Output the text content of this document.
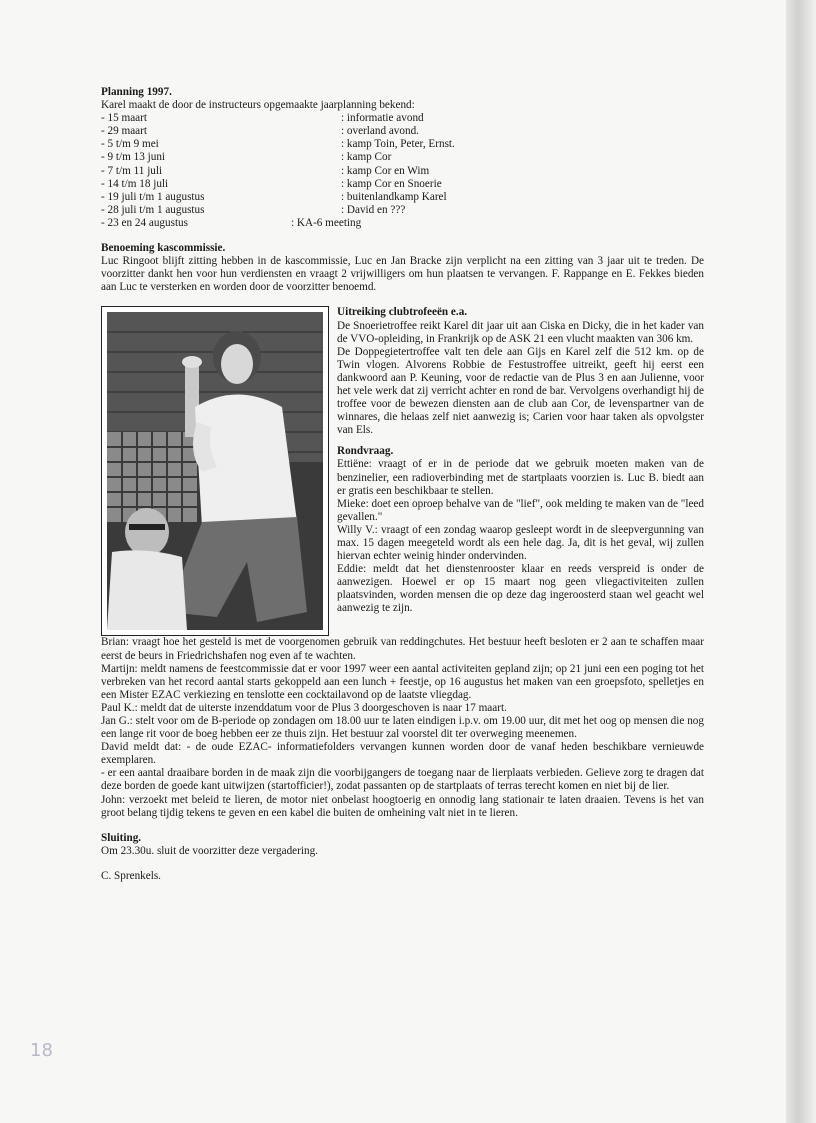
Planning 1997.

Karel maakt de door de instructeurs opgemaakte jaarplanning bekend:

- 15 maart	: informatie avond
- 29 maart	: overland avond.
- 5 t/m 9 mei	: kamp Toin, Peter, Ernst.
- 9 t/m 13 juni	: kamp Cor
- 7 t/m 11 juli	: kamp Cor en Wim
- 14 t/m 18 juli	: kamp Cor en Snoerie
- 19 juli t/m 1 augustus	: buitenlandkamp Karel
- 28 juli t/m 1 augustus	: David en ???
- 23 en 24 augustus	: KA-6 meeting
Benoeming kascommissie.

Luc Ringoot blijft zitting hebben in de kascommissie, Luc en Jan Bracke zijn verplicht na een zitting van 3 jaar uit te treden. De voorzitter dankt hen voor hun verdiensten en vraagt 2 vrijwilligers om hun plaatsen te vervangen. F. Rappange en E. Fekkes bieden aan Luc te versterken en worden door de voorzitter benoemd.

Uitreiking clubtrofeeën e.a.

De Snoerietroffee reikt Karel dit jaar uit aan Ciska en Dicky, die in het kader van de VVO-opleiding, in Frankrijk op de ASK 21 een vlucht maakten van 306 km.

De Doppegietertroffee valt ten dele aan Gijs en Karel zelf die 512 km. op de Twin vlogen. Alvorens Robbie de Festustroffee uitreikt, geeft hij eerst een dankwoord aan P. Keuning, voor de redactie van de Plus 3 en aan Julienne, voor het vele werk dat zij verricht achter en rond de bar. Vervolgens overhandigt hij de troffee voor de bewezen diensten aan de club aan Cor, de levenspartner van de winnares, die helaas zelf niet aanwezig is; Carien voor haar taken als opvolgster van Els.

Rondvraag.

Ettiëne: vraagt of er in de periode dat we gebruik moeten maken van de benzinelier, een radioverbinding met de startplaats voorzien is. Luc B. biedt aan er gratis een beschikbaar te stellen.

Mieke: doet een oproep behalve van de "lief", ook melding te maken van de "leed gevallen."

Willy V.: vraagt of een zondag waarop gesleept wordt in de sleepvergunning van max. 15 dagen meegeteld wordt als een hele dag. Ja, dit is het geval, wij zullen hiervan echter weinig hinder ondervinden.

Eddie: meldt dat het dienstenrooster klaar en reeds verspreid is onder de aanwezigen. Hoewel er op 15 maart nog geen vliegactiviteiten zullen plaatsvinden, worden mensen die op deze dag ingeroosterd staan wel geacht wel aanwezig te zijn.

Brian: vraagt hoe het gesteld is met de voorgenomen gebruik van reddingchutes. Het bestuur heeft besloten er 2 aan te schaffen maar eerst de beurs in Friedrichshafen nog even af te wachten.

Martijn: meldt namens de feestcommissie dat er voor 1997 weer een aantal activiteiten gepland zijn; op 21 juni een een poging tot het verbreken van het record aantal starts gekoppeld aan een lunch + feestje, op 16 augustus het maken van een groepsfoto, spelletjes en een Mister EZAC verkiezing en tenslotte een cocktailavond op de laatste vliegdag.

Paul K.: meldt dat de uiterste inzenddatum voor de Plus 3 doorgeschoven is naar 17 maart.

Jan G.: stelt voor om de B-periode op zondagen om 18.00 uur te laten eindigen i.p.v. om 19.00 uur, dit met het oog op mensen die nog een lange rit voor de boeg hebben eer ze thuis zijn. Het bestuur zal voorstel dit ter overweging meenemen.

David meldt dat: - de oude EZAC- informatiefolders vervangen kunnen worden door de vanaf heden beschikbare vernieuwde exemplaren.

- er een aantal draaibare borden in de maak zijn die voorbijgangers de toegang naar de lierplaats verbieden. Gelieve zorg te dragen dat deze borden de goede kant uitwijzen (startofficier!), zodat passanten op de startplaats of terras terecht komen en niet bij de lier.

John: verzoekt met beleid te lieren, de motor niet onbelast hoogtoerig en onnodig lang stationair te laten draaien. Tevens is het van groot belang tijdig tekens te geven en een kabel die buiten de omheining valt niet in te lieren.

Sluiting.

Om 23.30u. sluit de voorzitter deze vergadering.

C. Sprenkels.

18
